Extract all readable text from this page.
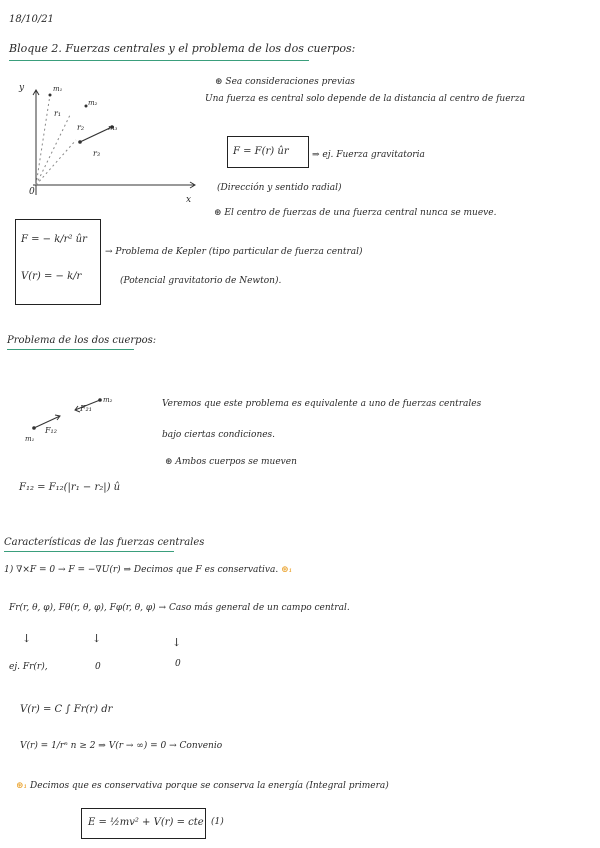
18/10/21
Bloque 2. Fuerzas centrales y el problema de los dos cuerpos:
y
x
0
m₁
m₂
m₃
r₁
r₂
r₃
⊛ Sea consideraciones previas
Una fuerza es central solo depende de la distancia al centro de fuerza
F = F(r) ûr	⇒ ej. Fuerza gravitatoria
(Dirección y sentido radial)
⊛ El centro de fuerzas de una fuerza central nunca se mueve.
F = − k/r² ûr
V(r) = − k/r
→ Problema de Kepler (tipo particular de fuerza central)
(Potencial gravitatorio de Newton).
Problema de los dos cuerpos:
m₁
m₂
F₁₂
F₂₁	Veremos que este problema es equivalente a uno de fuerzas centrales
bajo ciertas condiciones.
⊛ Ambos cuerpos se mueven
F₁₂ = F₁₂(|r₁ − r₂|) û
Características de las fuerzas centrales
1) ∇×F = 0 → F = −∇U(r) ⇒ Decimos que F es conservativa. ⊛₁
Fr(r, θ, φ), Fθ(r, θ, φ), Fφ(r, θ, φ) → Caso más general de un campo central.
↓	↓	↓
ej. Fr(r),	0	0
V(r) = C ∫ Fr(r) dr
V(r) = 1/rⁿ n ≥ 2 ⇒ V(r → ∞) = 0 → Convenio
⊛₁ Decimos que es conservativa porque se conserva la energía (Integral primera)
E = ½mv² + V(r) = cte (1)
